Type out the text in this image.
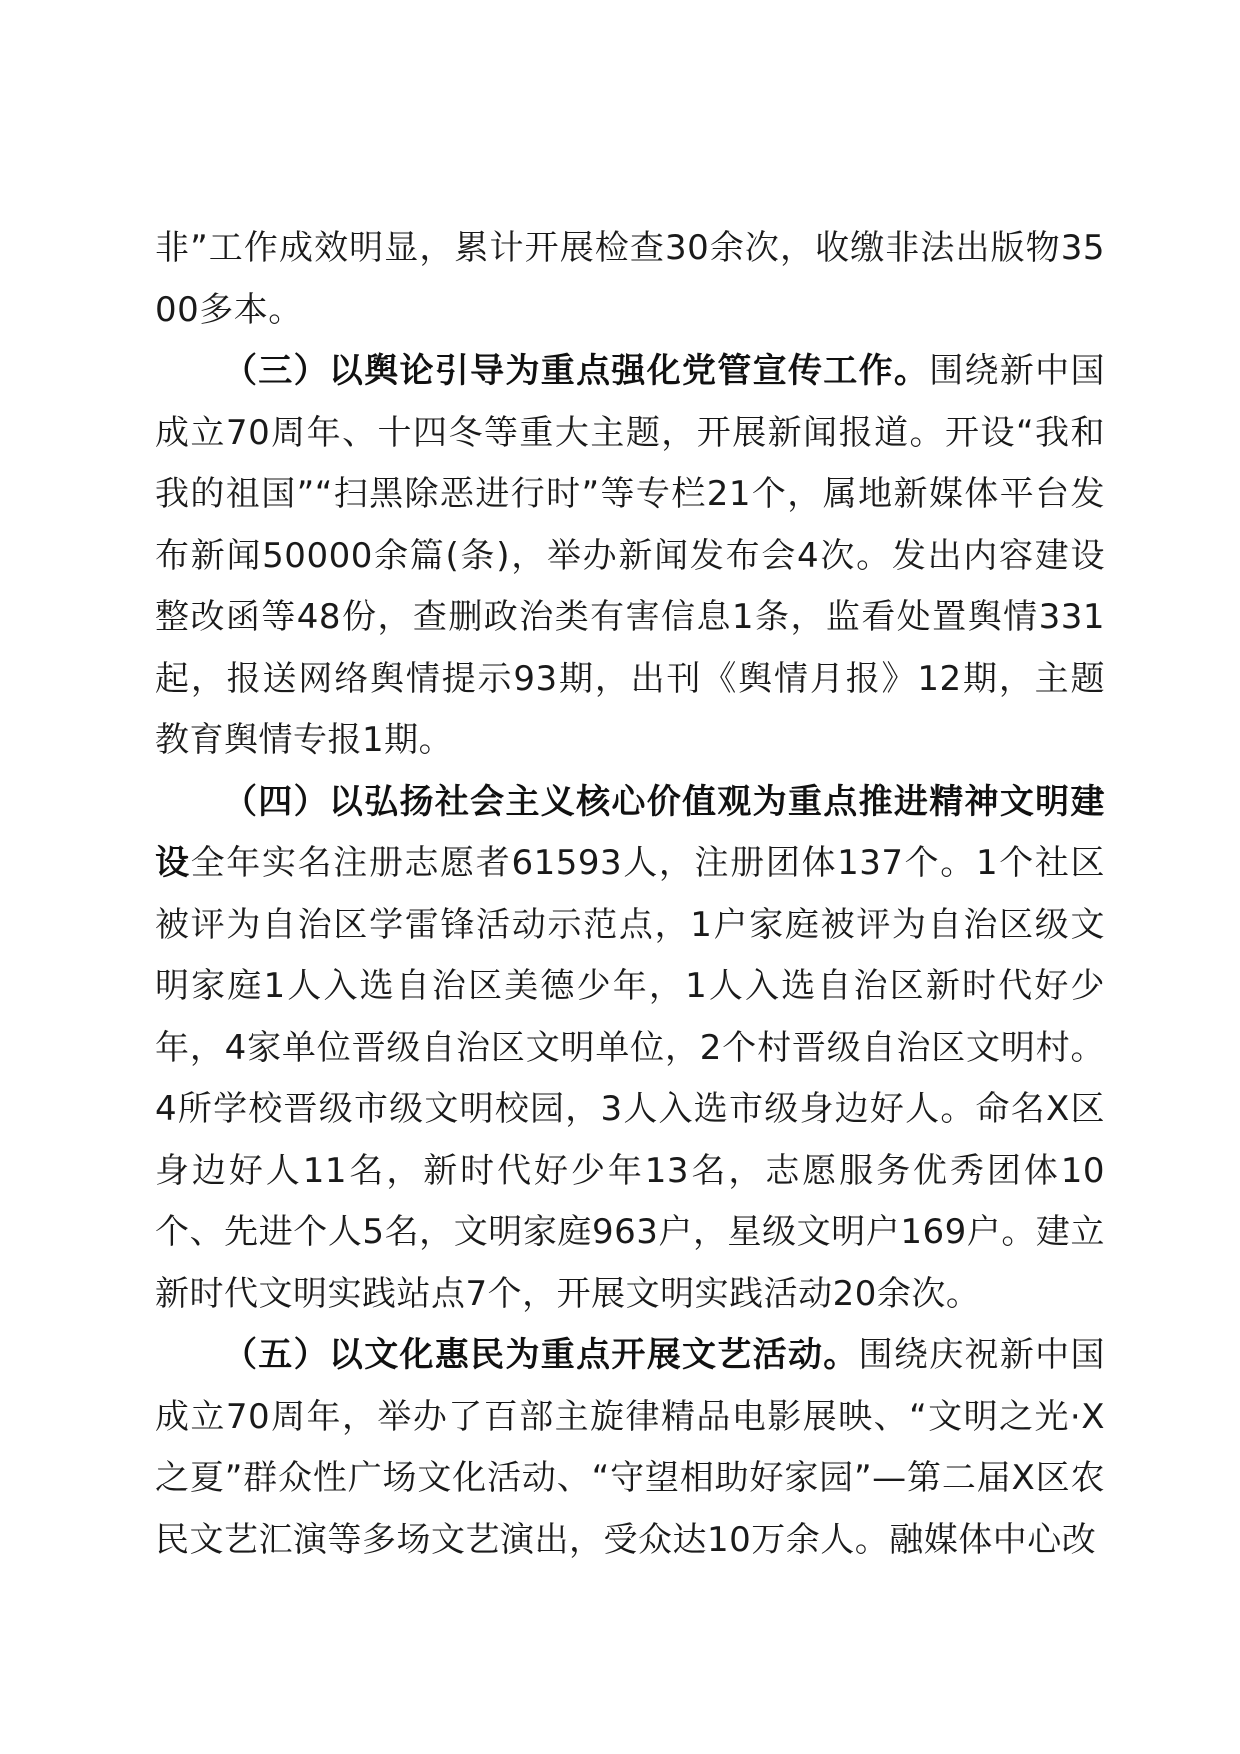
非”工作成效明显，累计开展检查30余次，收缴非法出版物3500多本。

（三）以舆论引导为重点强化党管宣传工作。围绕新中国成立70周年、十四冬等重大主题，开展新闻报道。开设“我和我的祖国”“扫黑除恶进行时”等专栏21个，属地新媒体平台发布新闻50000余篇(条)，举办新闻发布会4次。发出内容建设整改函等48份，查删政治类有害信息1条，监看处置舆情331起，报送网络舆情提示93期，出刊《舆情月报》12期，主题教育舆情专报1期。

（四）以弘扬社会主义核心价值观为重点推进精神文明建设全年实名注册志愿者61593人，注册团体137个。1个社区被评为自治区学雷锋活动示范点，1户家庭被评为自治区级文明家庭1人入选自治区美德少年，1人入选自治区新时代好少年，4家单位晋级自治区文明单位，2个村晋级自治区文明村。4所学校晋级市级文明校园，3人入选市级身边好人。命名X区身边好人11名，新时代好少年13名，志愿服务优秀团体10个、先进个人5名，文明家庭963户，星级文明户169户。建立新时代文明实践站点7个，开展文明实践活动20余次。

（五）以文化惠民为重点开展文艺活动。围绕庆祝新中国成立70周年，举办了百部主旋律精品电影展映、“文明之光·X之夏”群众性广场文化活动、“守望相助好家园”—第二届X区农民文艺汇演等多场文艺演出，受众达10万余人。融媒体中心改
